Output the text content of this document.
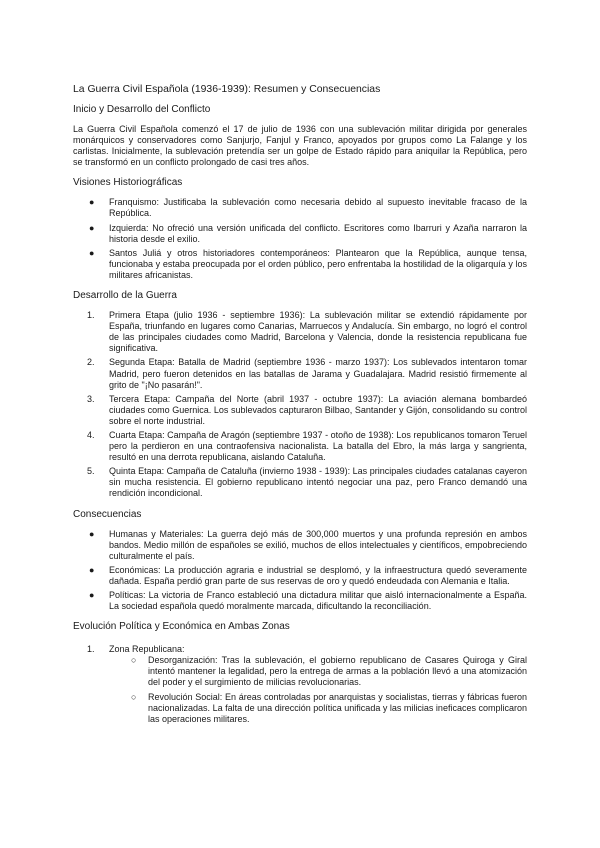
La Guerra Civil Española (1936-1939): Resumen y Consecuencias
Inicio y Desarrollo del Conflicto

La Guerra Civil Española comenzó el 17 de julio de 1936 con una sublevación militar dirigida por generales monárquicos y conservadores como Sanjurjo, Fanjul y Franco, apoyados por grupos como La Falange y los carlistas. Inicialmente, la sublevación pretendía ser un golpe de Estado rápido para aniquilar la República, pero se transformó en un conflicto prolongado de casi tres años.

Visiones Historiográficas
●	Franquismo: Justificaba la sublevación como necesaria debido al supuesto inevitable fracaso de la República.
●	Izquierda: No ofreció una versión unificada del conflicto. Escritores como Ibarruri y Azaña narraron la historia desde el exilio.
●	Santos Juliá y otros historiadores contemporáneos: Plantearon que la República, aunque tensa, funcionaba y estaba preocupada por el orden público, pero enfrentaba la hostilidad de la oligarquía y los militares africanistas.
Desarrollo de la Guerra
1.	Primera Etapa (julio 1936 - septiembre 1936): La sublevación militar se extendió rápidamente por España, triunfando en lugares como Canarias, Marruecos y Andalucía. Sin embargo, no logró el control de las principales ciudades como Madrid, Barcelona y Valencia, donde la resistencia republicana fue significativa.
2.	Segunda Etapa: Batalla de Madrid (septiembre 1936 - marzo 1937): Los sublevados intentaron tomar Madrid, pero fueron detenidos en las batallas de Jarama y Guadalajara. Madrid resistió firmemente al grito de "¡No pasarán!".
3.	Tercera Etapa: Campaña del Norte (abril 1937 - octubre 1937): La aviación alemana bombardeó ciudades como Guernica. Los sublevados capturaron Bilbao, Santander y Gijón, consolidando su control sobre el norte industrial.
4.	Cuarta Etapa: Campaña de Aragón (septiembre 1937 - otoño de 1938): Los republicanos tomaron Teruel pero la perdieron en una contraofensiva nacionalista. La batalla del Ebro, la más larga y sangrienta, resultó en una derrota republicana, aislando Cataluña.
5.	Quinta Etapa: Campaña de Cataluña (invierno 1938 - 1939): Las principales ciudades catalanas cayeron sin mucha resistencia. El gobierno republicano intentó negociar una paz, pero Franco demandó una rendición incondicional.
Consecuencias
●	Humanas y Materiales: La guerra dejó más de 300,000 muertos y una profunda represión en ambos bandos. Medio millón de españoles se exilió, muchos de ellos intelectuales y científicos, empobreciendo culturalmente el país.
●	Económicas: La producción agraria e industrial se desplomó, y la infraestructura quedó severamente dañada. España perdió gran parte de sus reservas de oro y quedó endeudada con Alemania e Italia.
●	Políticas: La victoria de Franco estableció una dictadura militar que aisló internacionalmente a España. La sociedad española quedó moralmente marcada, dificultando la reconciliación.
Evolución Política y Económica en Ambas Zonas
1.	Zona Republicana:
○ Desorganización: Tras la sublevación, el gobierno republicano de Casares Quiroga y Giral intentó mantener la legalidad, pero la entrega de armas a la población llevó a una atomización del poder y el surgimiento de milicias revolucionarias.
○ Revolución Social: En áreas controladas por anarquistas y socialistas, tierras y fábricas fueron nacionalizadas. La falta de una dirección política unificada y las milicias ineficaces complicaron las operaciones militares.
